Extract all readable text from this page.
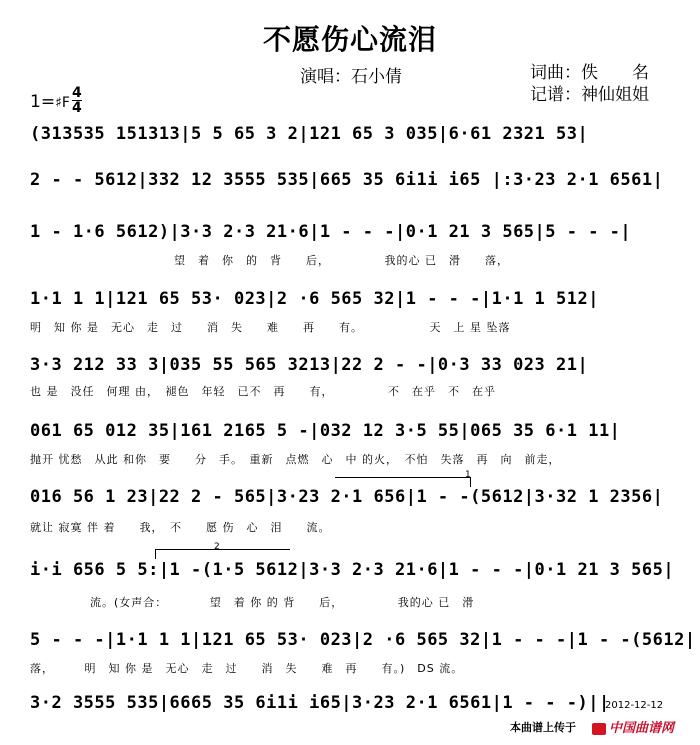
不愿伤心流泪
演唱：石小倩	词曲：佚　　名
记谱：神仙姐姐
1=♯F
4
4
(313535 151313|5 5 65 3 2|121 65 3 035|6·61 2321 53|
2 - - 5612|332 12 3555 535|665 35 6i1i i65 |:3·23 2·1 6561|
1 - 1·6 5612)|3·3 2·3 21·6|1 - - -|0·1 21 3 565|5 - - -|
　　　　　　　　　　　　望　着　你　的　背　　后，　　　　　我的心 已　滑　　落，
1·1 1 1|121 65 53· 023|2 ·6 565 32|1 - - -|1·1 1 512|
明　知 你 是　无心　走　过　　消　失　　难　　再　　有。　　　　　　天　上 星 坠落
3·3 212 33 3|035 55 565 3213|22 2 - -|0·3 33 023 21|
也 是　没任　何理 由，　褪色　年轻　已不　再　　有，　　　　　不　在乎　不　在乎
061 65 012 35|161 2165 5 -|032 12 3·5 55|065 35 6·1 11|
抛开 忧愁　从此 和你　要　　分　手。　重新　点燃　心　中 的火，　不怕　失落　再　向　前走，
016 56 1 23|22 2 - 565|3·23 2·1 656|1 - -(5612|3·32 1 2356|
就让 寂寞 伴 着　　我，　不　　愿 伤　心　泪　　流。
i·i 656 5 5:|1 -(1·5 5612|3·3 2·3 21·6|1 - - -|0·1 21 3 565|
　　　　　流。(女声合：　　　　望　着 你 的 背　　后，　　　　　我的心 已　滑
5 - - -|1·1 1 1|121 65 53· 023|2 ·6 565 32|1 - - -|1 - -(5612|
落，　　　明　知 你 是　无心　走　过　　消　失　　难　再　　有。)　DS 流。
3·2 3555 535|6665 35 6i1i i65|3·23 2·1 6561|1 - - -)||
1
2
2012-12-12
本曲谱上传于	中国曲谱网
